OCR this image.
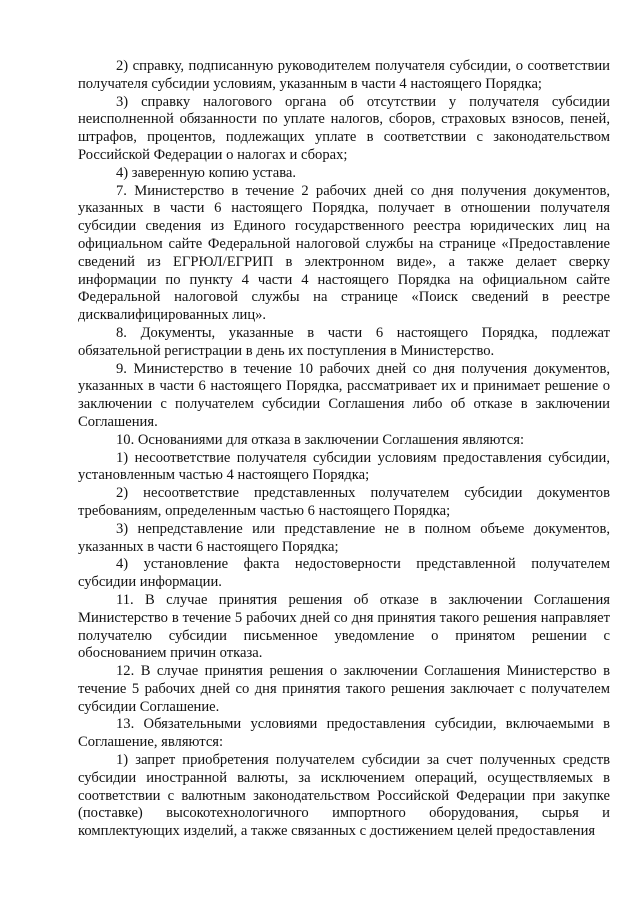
2) справку, подписанную руководителем получателя субсидии, о соответствии получателя субсидии условиям, указанным в части 4 настоящего Порядка;

3) справку налогового органа об отсутствии у получателя субсидии неисполненной обязанности по уплате налогов, сборов, страховых взносов, пеней, штрафов, процентов, подлежащих уплате в соответствии с законодательством Российской Федерации о налогах и сборах;

4) заверенную копию устава.

7. Министерство в течение 2 рабочих дней со дня получения документов, указанных в части 6 настоящего Порядка, получает в отношении получателя субсидии сведения из Единого государственного реестра юридических лиц на официальном сайте Федеральной налоговой службы на странице «Предоставление сведений из ЕГРЮЛ/ЕГРИП в электронном виде», а также делает сверку информации по пункту 4 части 4 настоящего Порядка на официальном сайте Федеральной налоговой службы на странице «Поиск сведений в реестре дисквалифицированных лиц».

8. Документы, указанные в части 6 настоящего Порядка, подлежат обязательной регистрации в день их поступления в Министерство.

9. Министерство в течение 10 рабочих дней со дня получения документов, указанных в части 6 настоящего Порядка, рассматривает их и принимает решение о заключении с получателем субсидии Соглашения либо об отказе в заключении Соглашения.

10. Основаниями для отказа в заключении Соглашения являются:

1) несоответствие получателя субсидии условиям предоставления субсидии, установленным частью 4 настоящего Порядка;

2) несоответствие представленных получателем субсидии документов требованиям, определенным частью 6 настоящего Порядка;

3) непредставление или представление не в полном объеме документов, указанных в части 6 настоящего Порядка;

4) установление факта недостоверности представленной получателем субсидии информации.

11. В случае принятия решения об отказе в заключении Соглашения Министерство в течение 5 рабочих дней со дня принятия такого решения направляет получателю субсидии письменное уведомление о принятом решении с обоснованием причин отказа.

12. В случае принятия решения о заключении Соглашения Министерство в течение 5 рабочих дней со дня принятия такого решения заключает с получателем субсидии Соглашение.

13. Обязательными условиями предоставления субсидии, включаемыми в Соглашение, являются:

1) запрет приобретения получателем субсидии за счет полученных средств субсидии иностранной валюты, за исключением операций, осуществляемых в соответствии с валютным законодательством Российской Федерации при закупке (поставке) высокотехнологичного импортного оборудования, сырья и комплектующих изделий, а также связанных с достижением целей предоставления
